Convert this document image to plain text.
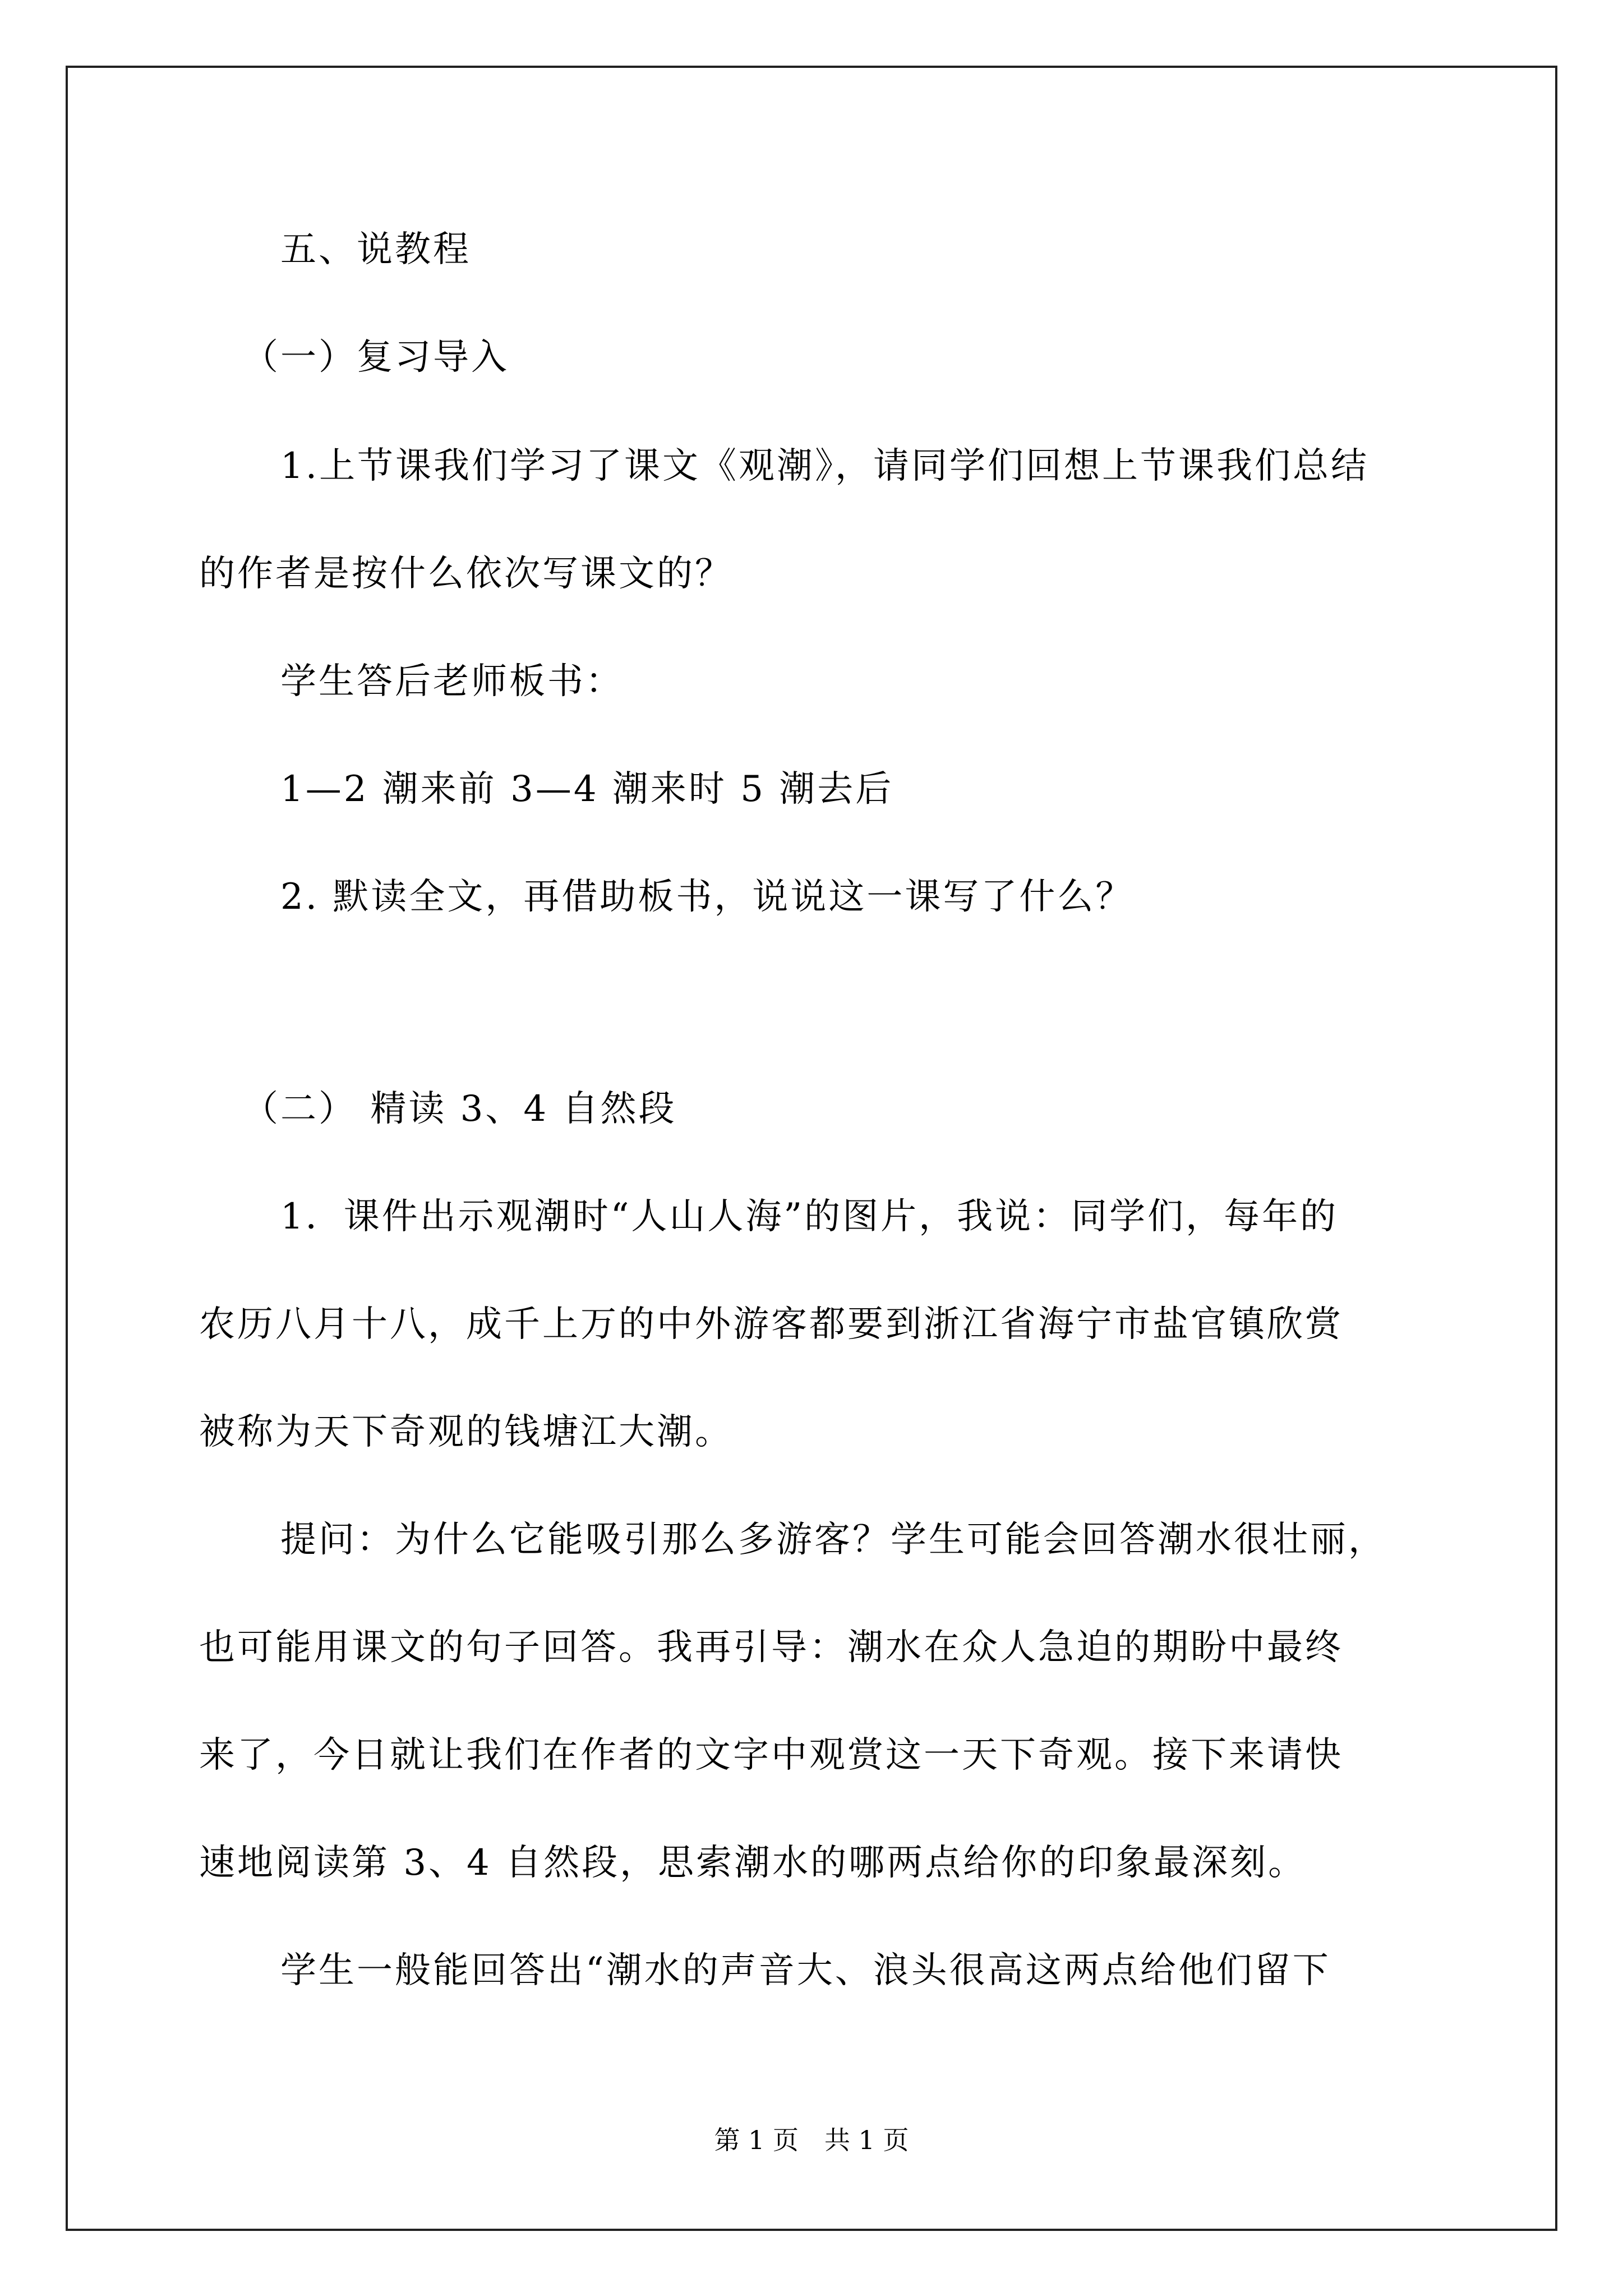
五、说教程
（一）复习导入
1.上节课我们学习了课文《观潮》，请同学们回想上节课我们总结
的作者是按什么依次写课文的？
学生答后老师板书：
1—2 潮来前 3—4 潮来时 5 潮去后
2. 默读全文，再借助板书，说说这一课写了什么？
（二） 精读 3、4 自然段
1．课件出示观潮时“人山人海”的图片，我说：同学们，每年的
农历八月十八，成千上万的中外游客都要到浙江省海宁市盐官镇欣赏
被称为天下奇观的钱塘江大潮。
提问：为什么它能吸引那么多游客？学生可能会回答潮水很壮丽，
也可能用课文的句子回答。我再引导：潮水在众人急迫的期盼中最终
来了，今日就让我们在作者的文字中观赏这一天下奇观。接下来请快
速地阅读第 3、4 自然段，思索潮水的哪两点给你的印象最深刻。
学生一般能回答出“潮水的声音大、浪头很高这两点给他们留下
第 1 页　共 1 页
